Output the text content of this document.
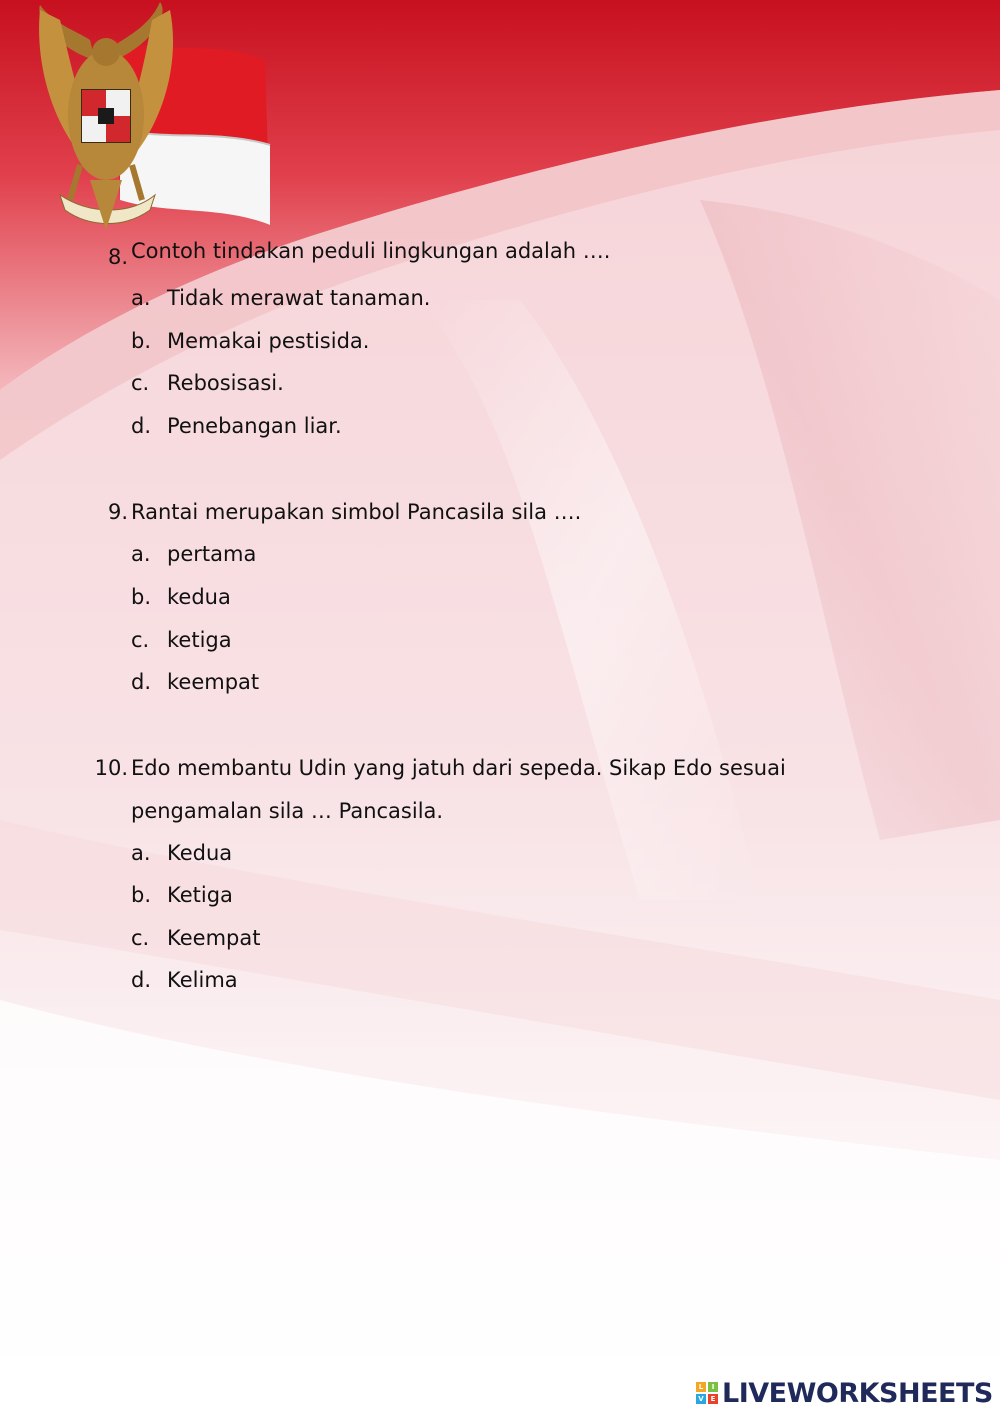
8. Contoh tindakan peduli lingkungan adalah ….
a. Tidak merawat tanaman.
b. Memakai pestisida.
c. Rebosisasi.
d. Penebangan liar.
9. Rantai merupakan simbol Pancasila sila ….
a. pertama
b. kedua
c. ketiga
d. keempat
10. Edo membantu Udin yang jatuh dari sepeda. Sikap Edo sesuai pengamalan sila … Pancasila.
a. Kedua
b. Ketiga
c. Keempat
d. Kelima
L	I
V E LIVEWORKSHEETS
